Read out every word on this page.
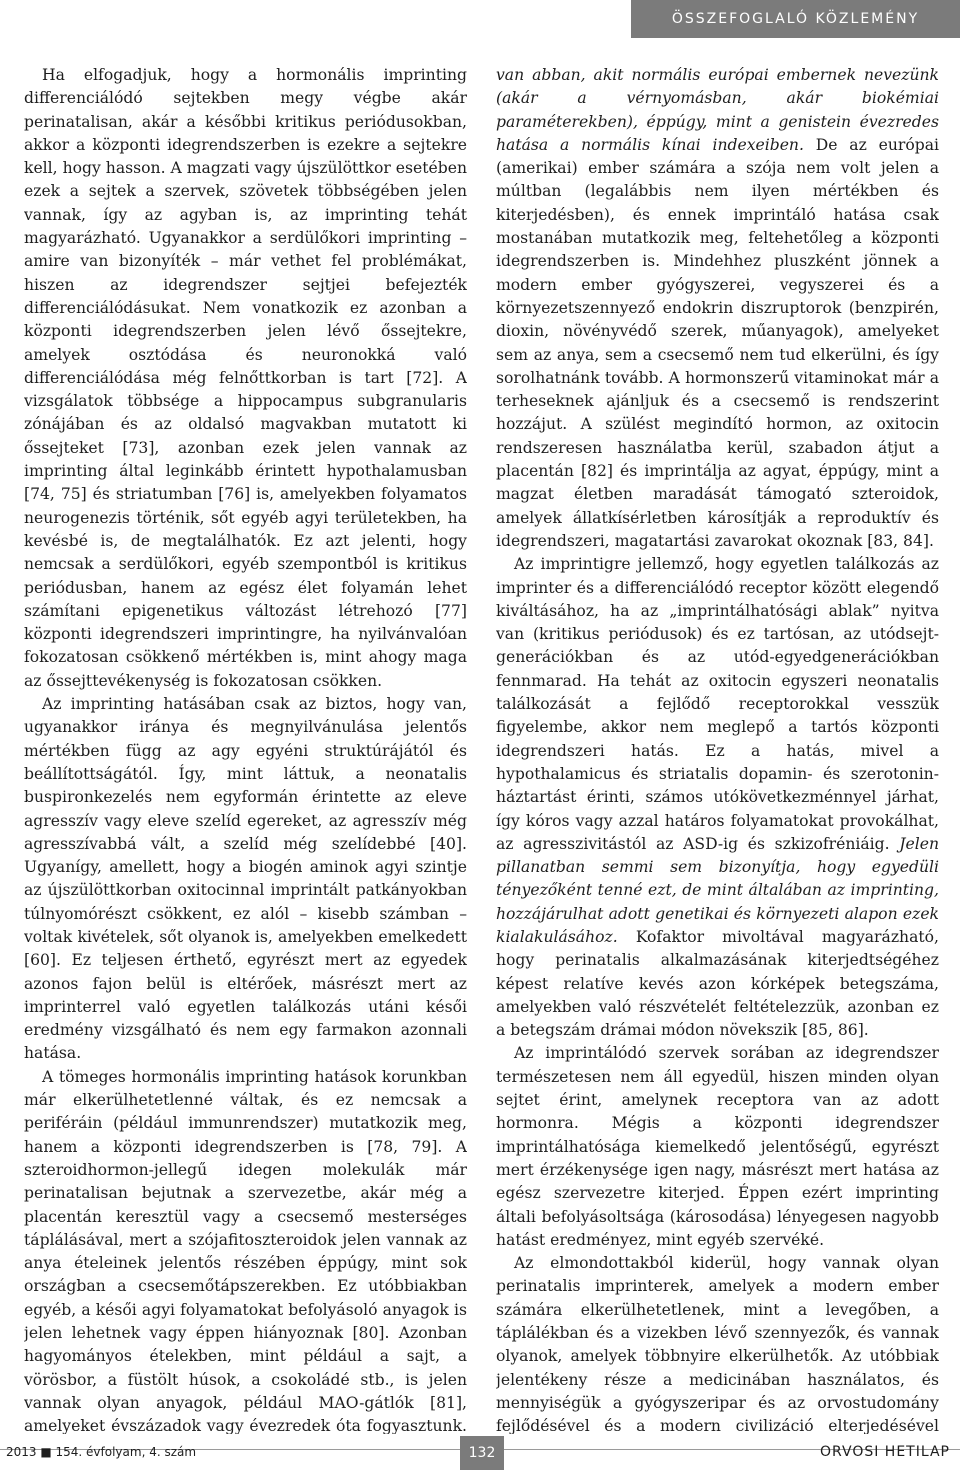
ÖSSZEFOGLALÓ KÖZLEMÉNY

Ha elfogadjuk, hogy a hormonális imprinting differenciálódó sejtekben megy végbe akár perinatalisan, akár a későbbi kritikus periódusokban, akkor a központi idegrendszerben is ezekre a sejtekre kell, hogy hasson. A magzati vagy újszülöttkor esetében ezek a sejtek a szervek, szövetek többségében jelen vannak, így az agyban is, az imprinting tehát magyarázható. Ugyanakkor a serdülőkori imprinting – amire van bizonyíték – már vethet fel problémákat, hiszen az idegrendszer sejtjei befejezték differenciálódásukat. Nem vonatkozik ez azonban a központi idegrendszerben jelen lévő őssejtekre, amelyek osztódása és neuronokká való differenciálódása még felnőttkorban is tart [72]. A vizsgálatok többsége a hippocampus subgranularis zónájában és az oldalsó magvakban mutatott ki őssejteket [73], azonban ezek jelen vannak az imprinting által leginkább érintett hypothalamusban [74, 75] és striatumban [76] is, amelyekben folyamatos neurogenezis történik, sőt egyéb agyi területekben, ha kevésbé is, de megtalálhatók. Ez azt jelenti, hogy nemcsak a serdülőkori, egyéb szempontból is kritikus periódusban, hanem az egész élet folyamán lehet számítani epigenetikus változást létrehozó [77] központi idegrendszeri imprintingre, ha nyilvánvalóan fokozatosan csökkenő mértékben is, mint ahogy maga az őssejttevékenység is fokozatosan csökken.

Az imprinting hatásában csak az biztos, hogy van, ugyanakkor iránya és megnyilvánulása jelentős mértékben függ az agy egyéni struktúrájától és beállítottságától. Így, mint láttuk, a neonatalis buspironkezelés nem egyformán érintette az eleve agresszív vagy eleve szelíd egereket, az agresszív még agresszívabbá vált, a szelíd még szelídebbé [40]. Ugyanígy, amellett, hogy a biogén aminok agyi szintje az újszülöttkorban oxitocinnal imprintált patkányokban túlnyomórészt csökkent, ez alól – kisebb számban – voltak kivételek, sőt olyanok is, amelyekben emelkedett [60]. Ez teljesen érthető, egyrészt mert az egyedek azonos fajon belül is eltérőek, másrészt mert az imprinterrel való egyetlen találkozás utáni késői eredmény vizsgálható és nem egy farmakon azonnali hatása.

A tömeges hormonális imprinting hatások korunkban már elkerülhetetlenné váltak, és ez nemcsak a periféráin (például immunrendszer) mutatkozik meg, hanem a központi idegrendszerben is [78, 79]. A szteroidhormon-jellegű idegen molekulák már perinatalisan bejutnak a szervezetbe, akár még a placentán keresztül vagy a csecsemő mesterséges táplálásával, mert a szójafitoszteroidok jelen vannak az anya ételeinek jelentős részében éppúgy, mint sok országban a csecsemőtápszerekben. Ez utóbbiakban egyéb, a késői agyi folyamatokat befolyásoló anyagok is jelen lehetnek vagy éppen hiányoznak [80]. Azonban hagyományos ételekben, mint például a sajt, a vörösbor, a füstölt húsok, a csokoládé stb., is jelen vannak olyan anyagok, például MAO-gátlók [81], amelyeket évszázadok vagy évezredek óta fogyasztunk.

van abban, akit normális európai embernek nevezünk (akár a vérnyomásban, akár biokémiai paraméterekben), éppúgy, mint a genistein évezredes hatása a normális kínai indexeiben. De az európai (amerikai) ember számára a szója nem volt jelen a múltban (legalábbis nem ilyen mértékben és kiterjedésben), és ennek imprintáló hatása csak mostanában mutatkozik meg, feltehetőleg a központi idegrendszerben is. Mindehhez pluszként jönnek a modern ember gyógyszerei, vegyszerei és a környezetszennyező endokrin diszruptorok (benzpirén, dioxin, növényvédő szerek, műanyagok), amelyeket sem az anya, sem a csecsemő nem tud elkerülni, és így sorolhatnánk tovább. A hormonszerű vitaminokat már a terheseknek ajánljuk és a csecsemő is rendszerint hozzájut. A szülést megindító hormon, az oxitocin rendszeresen használatba kerül, szabadon átjut a placentán [82] és imprintálja az agyat, éppúgy, mint a magzat életben maradását támogató szteroidok, amelyek állatkísérletben károsítják a reproduktív és idegrendszeri, magatartási zavarokat okoznak [83, 84].

Az imprintigre jellemző, hogy egyetlen találkozás az imprinter és a differenciálódó receptor között elegendő kiváltásához, ha az „imprintálhatósági ablak” nyitva van (kritikus periódusok) és ez tartósan, az utódsejt-generációkban és az utód-egyedgenerációkban fennmarad. Ha tehát az oxitocin egyszeri neonatalis találkozását a fejlődő receptorokkal vesszük figyelembe, akkor nem meglepő a tartós központi idegrendszeri hatás. Ez a hatás, mivel a hypothalamicus és striatalis dopamin- és szerotonin-háztartást érinti, számos utókövetkezménnyel járhat, így kóros vagy azzal határos folyamatokat provokálhat, az agresszivitástól az ASD-ig és szkizofréniáig. Jelen pillanatban semmi sem bizonyítja, hogy egyedüli tényezőként tenné ezt, de mint általában az imprinting, hozzájárulhat adott genetikai és környezeti alapon ezek kialakulásához. Kofaktor mivoltával magyarázható, hogy perinatalis alkalmazásának kiterjedtségéhez képest relatíve kevés azon kórképek betegszáma, amelyekben való részvételét feltételezzük, azonban ez a betegszám drámai módon növekszik [85, 86].

Az imprintálódó szervek sorában az idegrendszer természetesen nem áll egyedül, hiszen minden olyan sejtet érint, amelynek receptora van az adott hormonra. Mégis a központi idegrendszer imprintálhatósága kiemelkedő jelentőségű, egyrészt mert érzékenysége igen nagy, másrészt mert hatása az egész szervezetre kiterjed. Éppen ezért imprinting általi befolyásoltsága (károsodása) lényegesen nagyobb hatást eredményez, mint egyéb szervéké.

Az elmondottakból kiderül, hogy vannak olyan perinatalis imprinterek, amelyek a modern ember számára elkerülhetetlenek, mint a levegőben, a táplálékban és a vizekben lévő szennyezők, és vannak olyanok, amelyek többnyire elkerülhetők. Az utóbbiak jelentékeny része a medicinában használatos, és mennyiségük a gyógyszeripar és az orvostudomány fejlődésével és a modern civilizáció elterjedésével

2013 ■ 154. évfolyam, 4. szám	132	ORVOSI HETILAP
